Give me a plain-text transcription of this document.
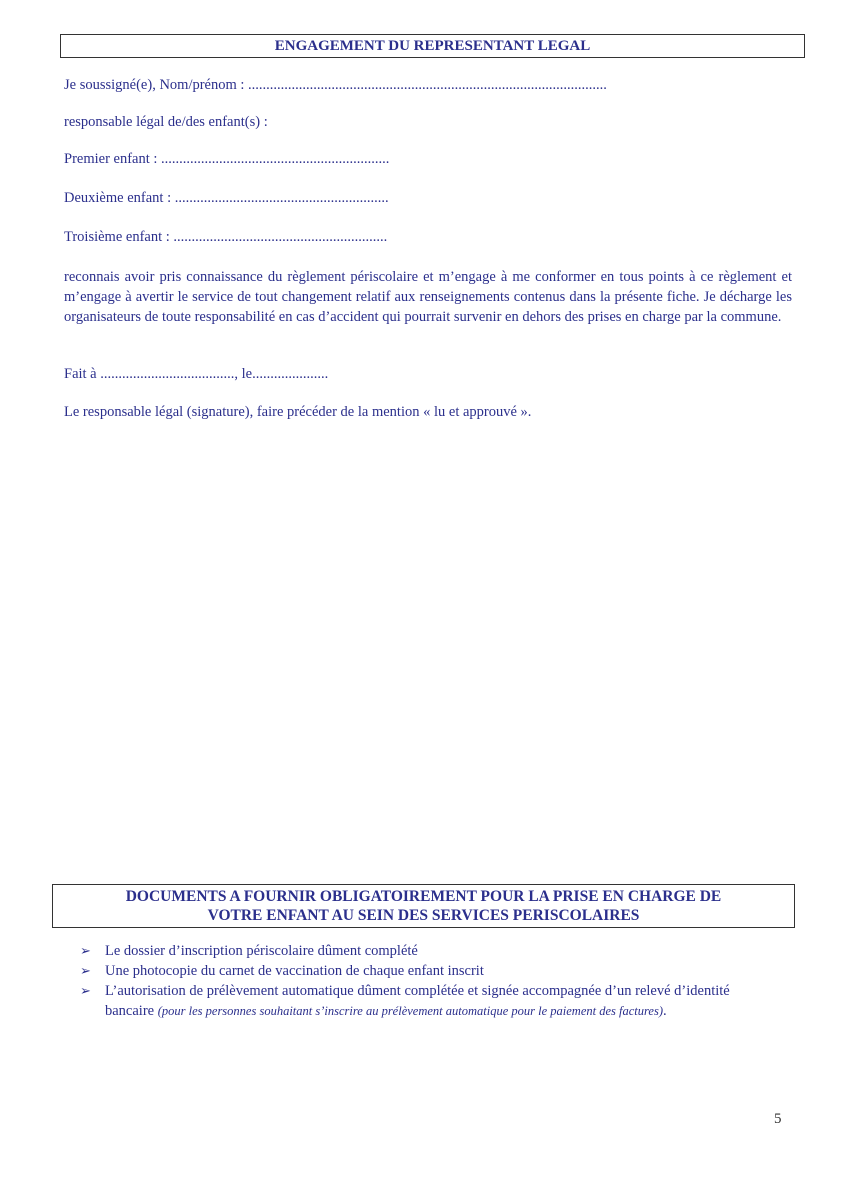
ENGAGEMENT DU REPRESENTANT LEGAL
Je soussigné(e), Nom/prénom : ...................................................................................................
responsable légal de/des enfant(s) :
Premier enfant : ...............................................................
Deuxième enfant : ...........................................................
Troisième enfant : ...........................................................
reconnais avoir pris connaissance du règlement périscolaire et m’engage à me conformer en tous points à ce règlement et m’engage à avertir le service de tout changement relatif aux renseignements contenus dans la présente fiche. Je décharge les organisateurs de toute responsabilité en cas d’accident qui pourrait survenir en dehors des prises en charge par la commune.
Fait à ....................................., le.....................
Le responsable légal (signature), faire précéder de la mention « lu et approuvé ».
DOCUMENTS A FOURNIR OBLIGATOIREMENT POUR LA PRISE EN CHARGE DE
VOTRE ENFANT AU SEIN DES SERVICES PERISCOLAIRES
➢ Le dossier d’inscription périscolaire dûment complété
➢ Une photocopie du carnet de vaccination de chaque enfant inscrit
➢ L’autorisation de prélèvement automatique dûment complétée et signée accompagnée d’un relevé d’identité bancaire (pour les personnes souhaitant s’inscrire au prélèvement automatique pour le paiement des factures).
5
